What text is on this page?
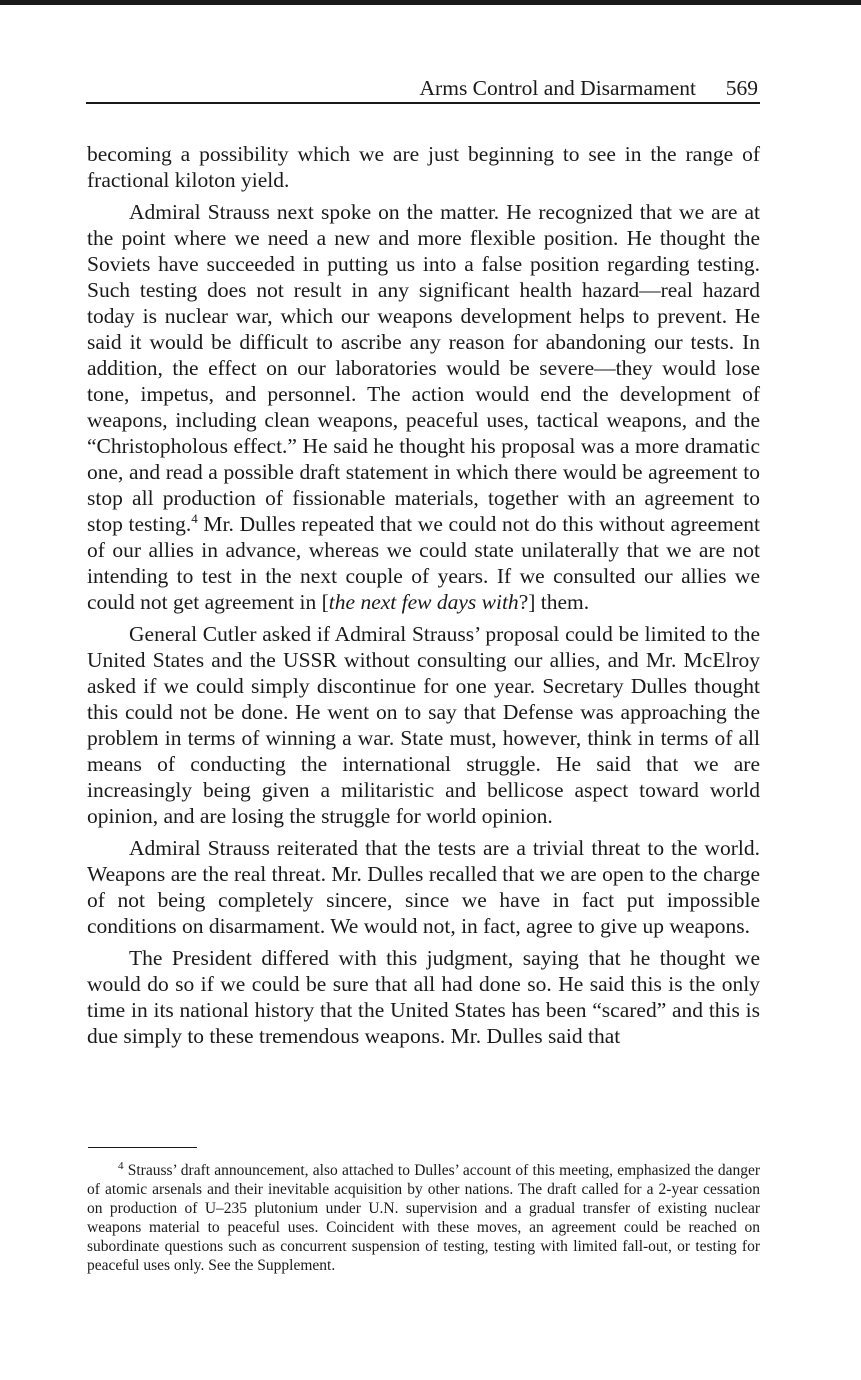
Arms Control and Disarmament 569

becoming a possibility which we are just beginning to see in the range of fractional kiloton yield.

Admiral Strauss next spoke on the matter. He recognized that we are at the point where we need a new and more flexible position. He thought the Soviets have succeeded in putting us into a false position regarding testing. Such testing does not result in any significant health hazard—real hazard today is nuclear war, which our weapons development helps to prevent. He said it would be difficult to ascribe any reason for abandoning our tests. In addition, the effect on our laboratories would be severe—they would lose tone, impetus, and personnel. The action would end the development of weapons, including clean weapons, peaceful uses, tactical weapons, and the “Christopholous effect.” He said he thought his proposal was a more dramatic one, and read a possible draft statement in which there would be agreement to stop all production of fissionable materials, together with an agreement to stop testing.$^4$ Mr. Dulles repeated that we could not do this without agreement of our allies in advance, whereas we could state unilaterally that we are not intending to test in the next couple of years. If we consulted our allies we could not get agreement in [the next few days with?] them.

General Cutler asked if Admiral Strauss’ proposal could be limited to the United States and the USSR without consulting our allies, and Mr. McElroy asked if we could simply discontinue for one year. Secretary Dulles thought this could not be done. He went on to say that Defense was approaching the problem in terms of winning a war. State must, however, think in terms of all means of conducting the international struggle. He said that we are increasingly being given a militaristic and bellicose aspect toward world opinion, and are losing the struggle for world opinion.

Admiral Strauss reiterated that the tests are a trivial threat to the world. Weapons are the real threat. Mr. Dulles recalled that we are open to the charge of not being completely sincere, since we have in fact put impossible conditions on disarmament. We would not, in fact, agree to give up weapons.

The President differed with this judgment, saying that he thought we would do so if we could be sure that all had done so. He said this is the only time in its national history that the United States has been “scared” and this is due simply to these tremendous weapons. Mr. Dulles said that

$^4$ Strauss’ draft announcement, also attached to Dulles’ account of this meeting, emphasized the danger of atomic arsenals and their inevitable acquisition by other nations. The draft called for a 2-year cessation on production of U–235 plutonium under U.N. supervision and a gradual transfer of existing nuclear weapons material to peaceful uses. Coincident with these moves, an agreement could be reached on subordinate questions such as concurrent suspension of testing, testing with limited fall-out, or testing for peaceful uses only. See the Supplement.
